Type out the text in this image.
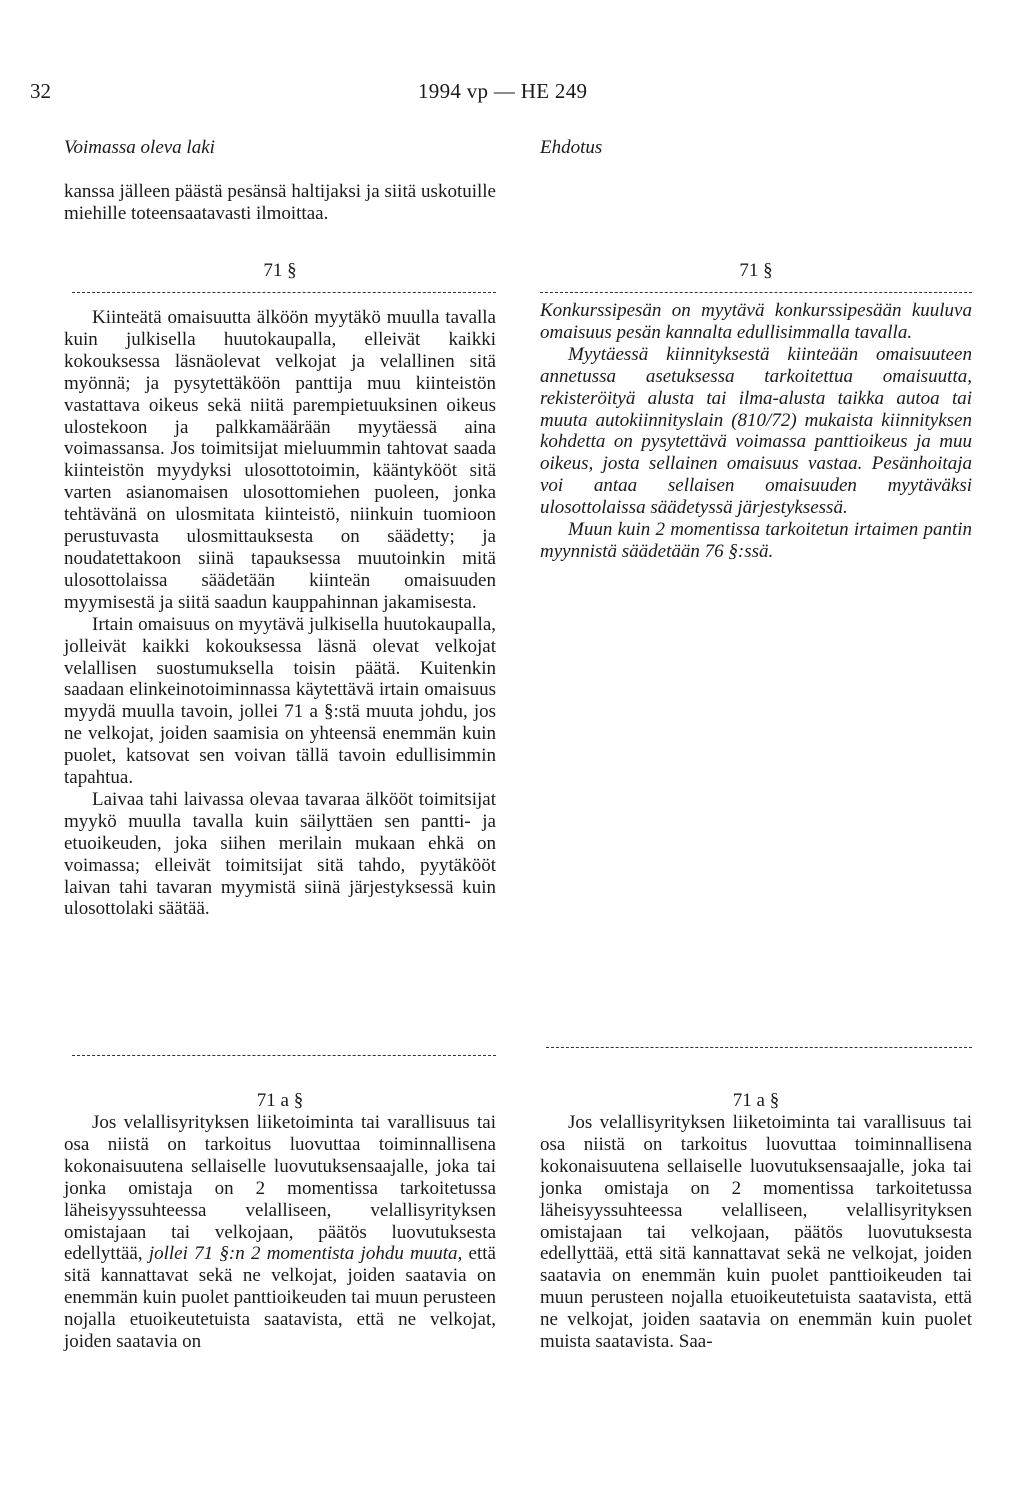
32	1994 vp — HE 249
Voimassa oleva laki	Ehdotus

kanssa jälleen päästä pesänsä haltijaksi ja siitä uskotuille miehille toteensaatavasti ilmoittaa.

71 §

Kiinteätä omaisuutta älköön myytäkö muulla tavalla kuin julkisella huutokaupalla, elleivät kaikki kokouksessa läsnäolevat velkojat ja velallinen sitä myönnä; ja pysytettäköön panttija muu kiinteistön vastattava oikeus sekä niitä parempietuuksinen oikeus ulostekoon ja palkkamäärään myytäessä aina voimassansa. Jos toimitsijat mieluummin tahtovat saada kiinteistön myydyksi ulosottotoimin, kääntykööt sitä varten asianomaisen ulosottomiehen puoleen, jonka tehtävänä on ulosmitata kiinteistö, niinkuin tuomioon perustuvasta ulosmittauksesta on säädetty; ja noudatettakoon siinä tapauksessa muutoinkin mitä ulosottolaissa säädetään kiinteän omaisuuden myymisestä ja siitä saadun kauppahinnan jakamisesta.

Irtain omaisuus on myytävä julkisella huutokaupalla, jolleivät kaikki kokouksessa läsnä olevat velkojat velallisen suostumuksella toisin päätä. Kuitenkin saadaan elinkeinotoiminnassa käytettävä irtain omaisuus myydä muulla tavoin, jollei 71 a §:stä muuta johdu, jos ne velkojat, joiden saamisia on yhteensä enemmän kuin puolet, katsovat sen voivan tällä tavoin edullisimmin tapahtua.

Laivaa tahi laivassa olevaa tavaraa älkööt toimitsijat myykö muulla tavalla kuin säilyttäen sen pantti- ja etuoikeuden, joka siihen merilain mukaan ehkä on voimassa; elleivät toimitsijat sitä tahdo, pyytäkööt laivan tahi tavaran myymistä siinä järjestyksessä kuin ulosottolaki säätää.

71 §

Konkurssipesän on myytävä konkurssipesään kuuluva omaisuus pesän kannalta edullisimmalla tavalla.

Myytäessä kiinnityksestä kiinteään omaisuuteen annetussa asetuksessa tarkoitettua omaisuutta, rekisteröityä alusta tai ilma-alusta taikka autoa tai muuta autokiinnityslain (810/72) mukaista kiinnityksen kohdetta on pysytettävä voimassa panttioikeus ja muu oikeus, josta sellainen omaisuus vastaa. Pesänhoitaja voi antaa sellaisen omaisuuden myytäväksi ulosottolaissa säädetyssä järjestyksessä.

Muun kuin 2 momentissa tarkoitetun irtaimen pantin myynnistä säädetään 76 §:ssä.

71 a §

Jos velallisyrityksen liiketoiminta tai varallisuus tai osa niistä on tarkoitus luovuttaa toiminnallisena kokonaisuutena sellaiselle luovutuksensaajalle, joka tai jonka omistaja on 2 momentissa tarkoitetussa läheisyyssuhteessa velalliseen, velallisyrityksen omistajaan tai velkojaan, päätös luovutuksesta edellyttää, jollei 71 §:n 2 momentista johdu muuta, että sitä kannattavat sekä ne velkojat, joiden saatavia on enemmän kuin puolet panttioikeuden tai muun perusteen nojalla etuoikeutetuista saatavista, että ne velkojat, joiden saatavia on

71 a §

Jos velallisyrityksen liiketoiminta tai varallisuus tai osa niistä on tarkoitus luovuttaa toiminnallisena kokonaisuutena sellaiselle luovutuksensaajalle, joka tai jonka omistaja on 2 momentissa tarkoitetussa läheisyyssuhteessa velalliseen, velallisyrityksen omistajaan tai velkojaan, päätös luovutuksesta edellyttää, että sitä kannattavat sekä ne velkojat, joiden saatavia on enemmän kuin puolet panttioikeuden tai muun perusteen nojalla etuoikeutetuista saatavista, että ne velkojat, joiden saatavia on enemmän kuin puolet muista saatavista. Saa-
